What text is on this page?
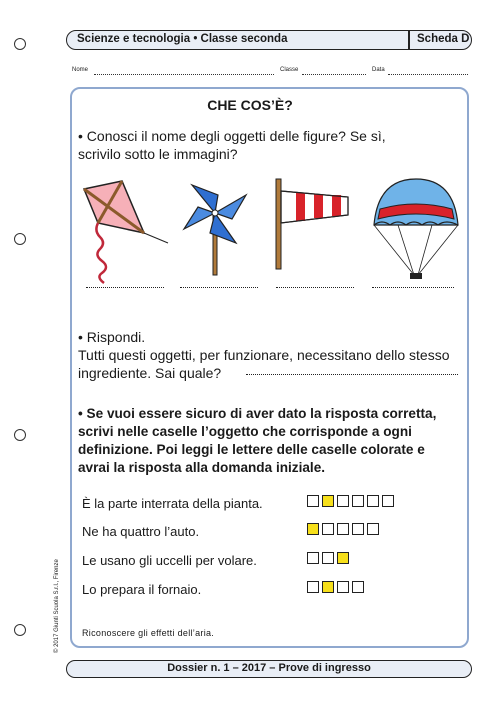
Scienze e tecnologia • Classe seconda	Scheda D
Nome	Classe	Data
CHE COS’È?
• Conosci il nome degli oggetti delle figure? Se sì,
scrivilo sotto le immagini?
• Rispondi.
Tutti questi oggetti, per funzionare, necessitano dello stesso
ingrediente. Sai quale?
• Se vuoi essere sicuro di aver dato la risposta corretta,
scrivi nelle caselle l’oggetto che corrisponde a ogni
definizione. Poi leggi le lettere delle caselle colorate e
avrai la risposta alla domanda iniziale.
È la parte interrata della pianta.
Ne ha quattro l’auto.
Le usano gli uccelli per volare.
Lo prepara il fornaio.
Riconoscere gli effetti dell’aria.
© 2017 Giunti Scuola S.r.l., Firenze
Dossier n. 1 – 2017 – Prove di ingresso
